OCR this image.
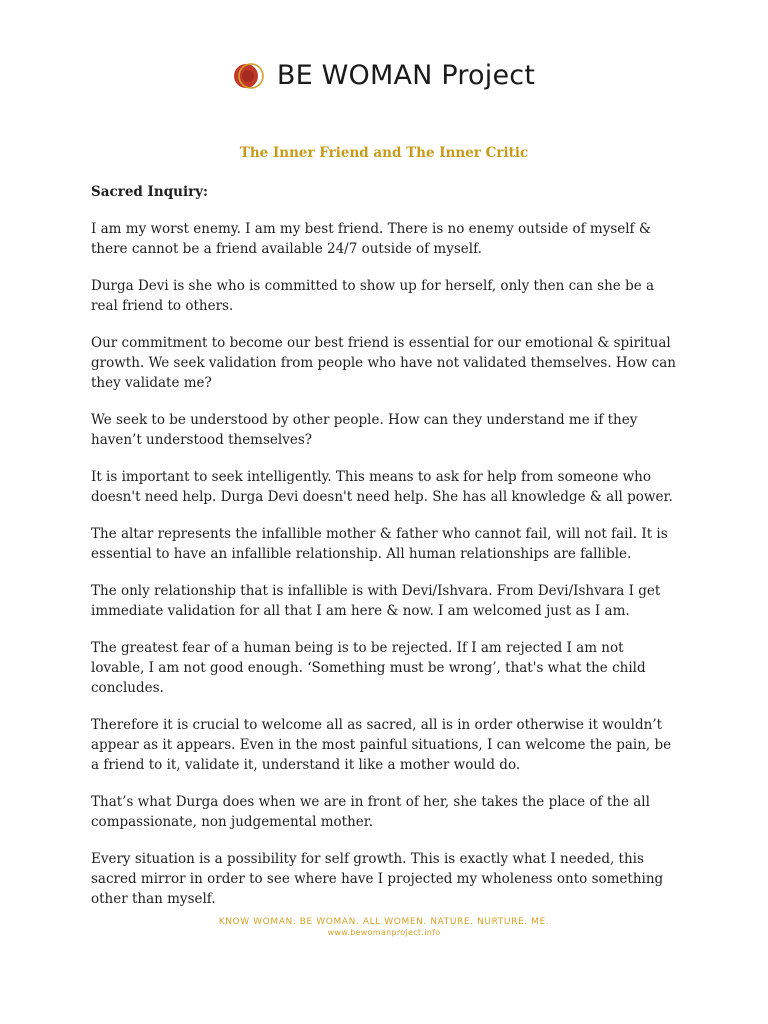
BE WOMAN Project
The Inner Friend and The Inner Critic

Sacred Inquiry:

I am my worst enemy. I am my best friend. There is no enemy outside of myself & there cannot be a friend available 24/7 outside of myself.

Durga Devi is she who is committed to show up for herself, only then can she be a real friend to others.

Our commitment to become our best friend is essential for our emotional & spiritual growth. We seek validation from people who have not validated themselves. How can they validate me?

We seek to be understood by other people. How can they understand me if they haven’t understood themselves?

It is important to seek intelligently. This means to ask for help from someone who doesn't need help. Durga Devi doesn't need help. She has all knowledge & all power.

The altar represents the infallible mother & father who cannot fail, will not fail. It is essential to have an infallible relationship. All human relationships are fallible.

The only relationship that is infallible is with Devi/Ishvara. From Devi/Ishvara I get immediate validation for all that I am here & now. I am welcomed just as I am.

The greatest fear of a human being is to be rejected. If I am rejected I am not lovable, I am not good enough. ‘Something must be wrong’, that's what the child concludes.

Therefore it is crucial to welcome all as sacred, all is in order otherwise it wouldn’t appear as it appears. Even in the most painful situations, I can welcome the pain, be a friend to it, validate it, understand it like a mother would do.

That’s what Durga does when we are in front of her, she takes the place of the all compassionate, non judgemental mother.

Every situation is a possibility for self growth. This is exactly what I needed, this sacred mirror in order to see where have I projected my wholeness onto something other than myself.

KNOW WOMAN. BE WOMAN. ALL WOMEN. NATURE. NURTURE. ME.
www.bewomanproject.info
